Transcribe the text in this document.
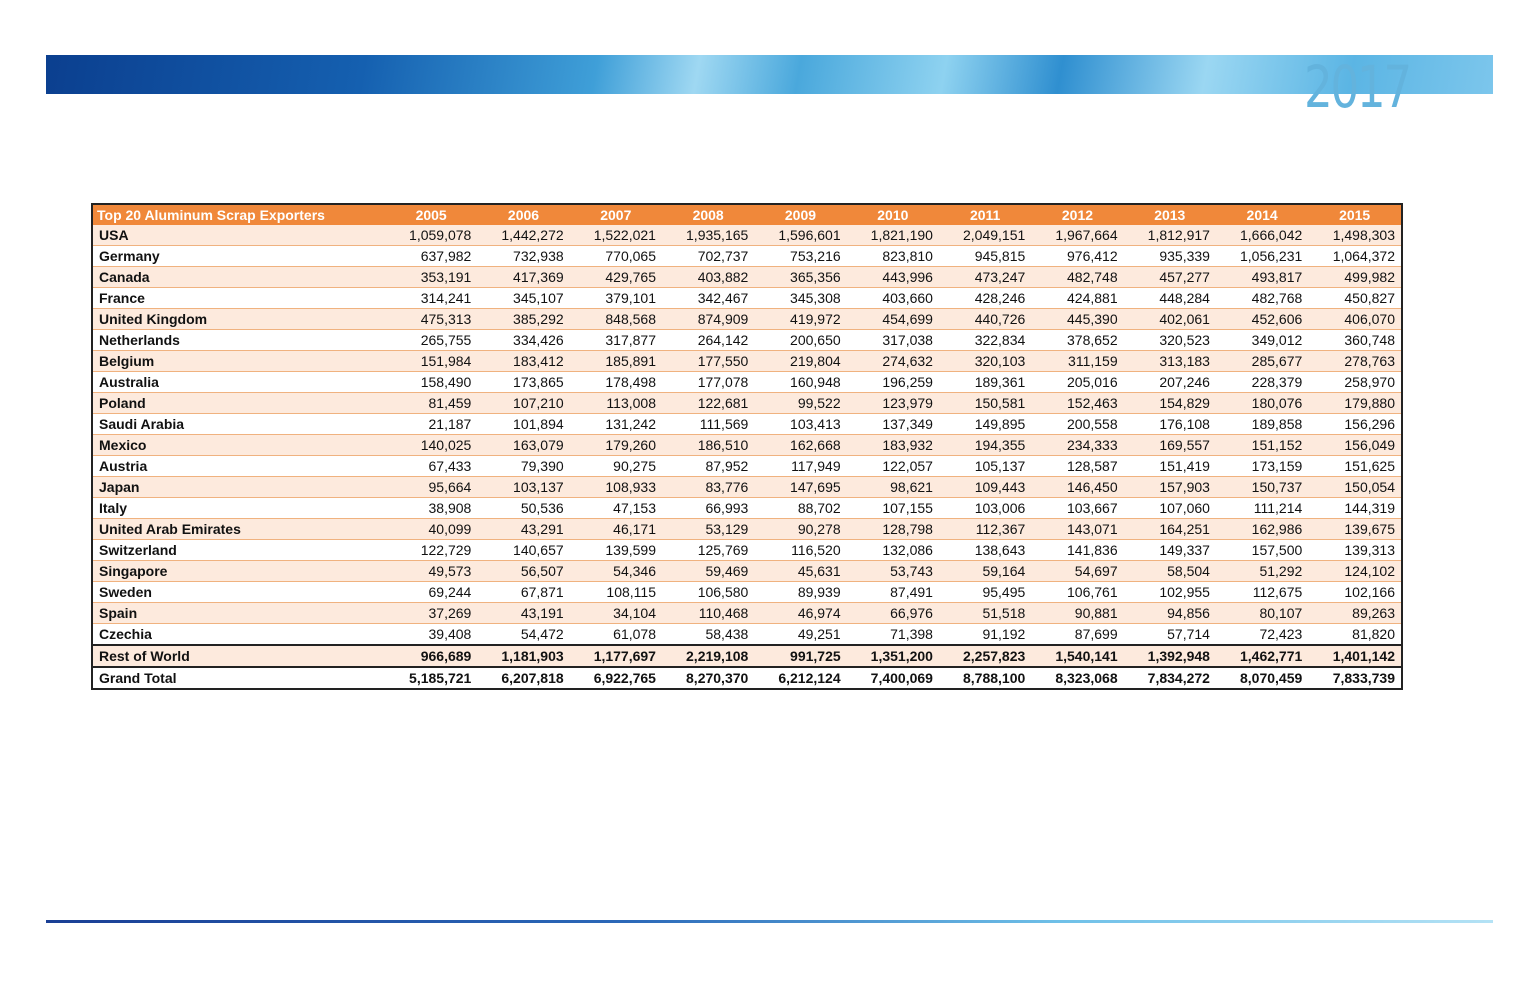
2017
Top 20 Aluminum Scrap Exporters	2005	2006	2007	2008	2009	2010	2011	2012	2013	2014	2015
USA	1,059,078	1,442,272	1,522,021	1,935,165	1,596,601	1,821,190	2,049,151	1,967,664	1,812,917	1,666,042	1,498,303
Germany	637,982	732,938	770,065	702,737	753,216	823,810	945,815	976,412	935,339	1,056,231	1,064,372
Canada	353,191	417,369	429,765	403,882	365,356	443,996	473,247	482,748	457,277	493,817	499,982
France	314,241	345,107	379,101	342,467	345,308	403,660	428,246	424,881	448,284	482,768	450,827
United Kingdom	475,313	385,292	848,568	874,909	419,972	454,699	440,726	445,390	402,061	452,606	406,070
Netherlands	265,755	334,426	317,877	264,142	200,650	317,038	322,834	378,652	320,523	349,012	360,748
Belgium	151,984	183,412	185,891	177,550	219,804	274,632	320,103	311,159	313,183	285,677	278,763
Australia	158,490	173,865	178,498	177,078	160,948	196,259	189,361	205,016	207,246	228,379	258,970
Poland	81,459	107,210	113,008	122,681	99,522	123,979	150,581	152,463	154,829	180,076	179,880
Saudi Arabia	21,187	101,894	131,242	111,569	103,413	137,349	149,895	200,558	176,108	189,858	156,296
Mexico	140,025	163,079	179,260	186,510	162,668	183,932	194,355	234,333	169,557	151,152	156,049
Austria	67,433	79,390	90,275	87,952	117,949	122,057	105,137	128,587	151,419	173,159	151,625
Japan	95,664	103,137	108,933	83,776	147,695	98,621	109,443	146,450	157,903	150,737	150,054
Italy	38,908	50,536	47,153	66,993	88,702	107,155	103,006	103,667	107,060	111,214	144,319
United Arab Emirates	40,099	43,291	46,171	53,129	90,278	128,798	112,367	143,071	164,251	162,986	139,675
Switzerland	122,729	140,657	139,599	125,769	116,520	132,086	138,643	141,836	149,337	157,500	139,313
Singapore	49,573	56,507	54,346	59,469	45,631	53,743	59,164	54,697	58,504	51,292	124,102
Sweden	69,244	67,871	108,115	106,580	89,939	87,491	95,495	106,761	102,955	112,675	102,166
Spain	37,269	43,191	34,104	110,468	46,974	66,976	51,518	90,881	94,856	80,107	89,263
Czechia	39,408	54,472	61,078	58,438	49,251	71,398	91,192	87,699	57,714	72,423	81,820
Rest of World	966,689	1,181,903	1,177,697	2,219,108	991,725	1,351,200	2,257,823	1,540,141	1,392,948	1,462,771	1,401,142
Grand Total	5,185,721	6,207,818	6,922,765	8,270,370	6,212,124	7,400,069	8,788,100	8,323,068	7,834,272	8,070,459	7,833,739
